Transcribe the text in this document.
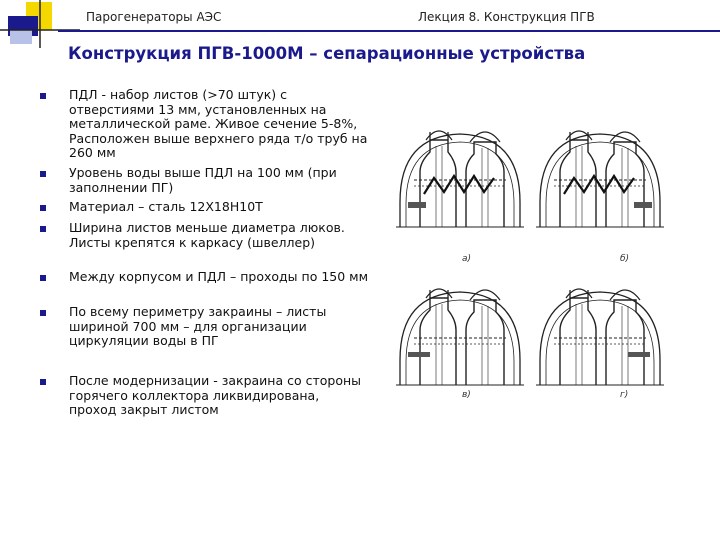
Парогенераторы АЭС	Лекция 8. Конструкция ПГВ
Конструкция ПГВ-1000М – сепарационные устройства
ПДЛ - набор листов (>70 штук) с отверстиями 13 мм, установленных на металлической раме. Живое сечение 5-8%, Расположен выше верхнего ряда т/о труб на 260 мм
Уровень воды выше ПДЛ на 100 мм (при заполнении ПГ)
Материал – сталь 12Х18Н10Т
Ширина листов меньше диаметра люков. Листы крепятся к каркасу (швеллер)
Между корпусом и ПДЛ – проходы по 150 мм
По всему периметру закраины – листы шириной 700 мм – для организации циркуляции воды в ПГ
После модернизации - закраина со стороны горячего коллектора ликвидирована, проход закрыт листом
а)	б)
в)	г)
